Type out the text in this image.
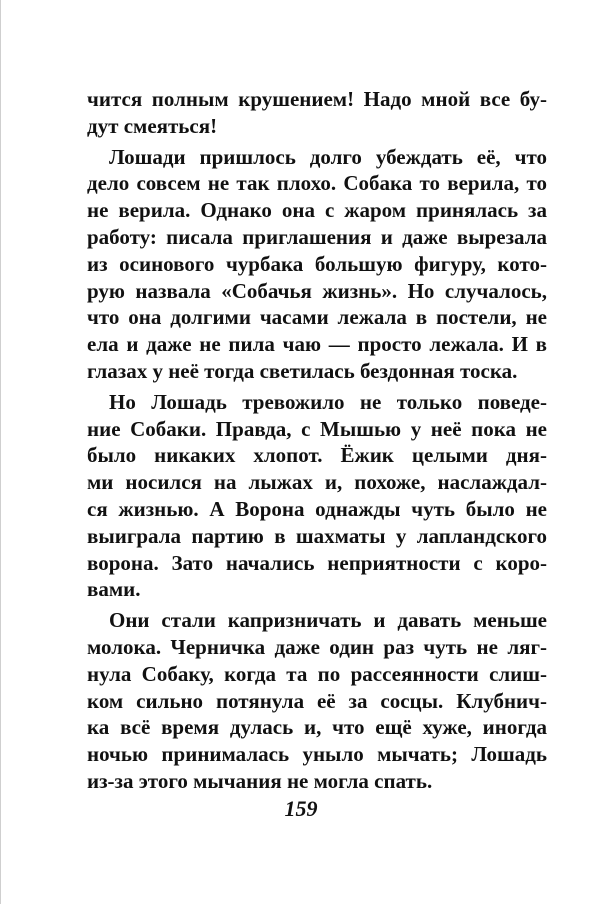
чится полным крушением! Надо мной все бу-
дут смеяться!
Лошади пришлось долго убеждать её, что
дело совсем не так плохо. Собака то верила, то
не верила. Однако она с жаром принялась за
работу: писала приглашения и даже вырезала
из осинового чурбака большую фигуру, кото-
рую назвала «Собачья жизнь». Но случалось,
что она долгими часами лежала в постели, не
ела и даже не пила чаю — просто лежала. И в
глазах у неё тогда светилась бездонная тоска.
Но Лошадь тревожило не только поведе-
ние Собаки. Правда, с Мышью у неё пока не
было никаких хлопот. Ёжик целыми дня-
ми носился на лыжах и, похоже, наслаждал-
ся жизнью. А Ворона однажды чуть было не
выиграла партию в шахматы у лапландского
ворона. Зато начались неприятности с коро-
вами.
Они стали капризничать и давать меньше
молока. Черничка даже один раз чуть не ляг-
нула Собаку, когда та по рассеянности слиш-
ком сильно потянула её за сосцы. Клубнич-
ка всё время дулась и, что ещё хуже, иногда
ночью принималась уныло мычать; Лошадь
из-за этого мычания не могла спать.
159
